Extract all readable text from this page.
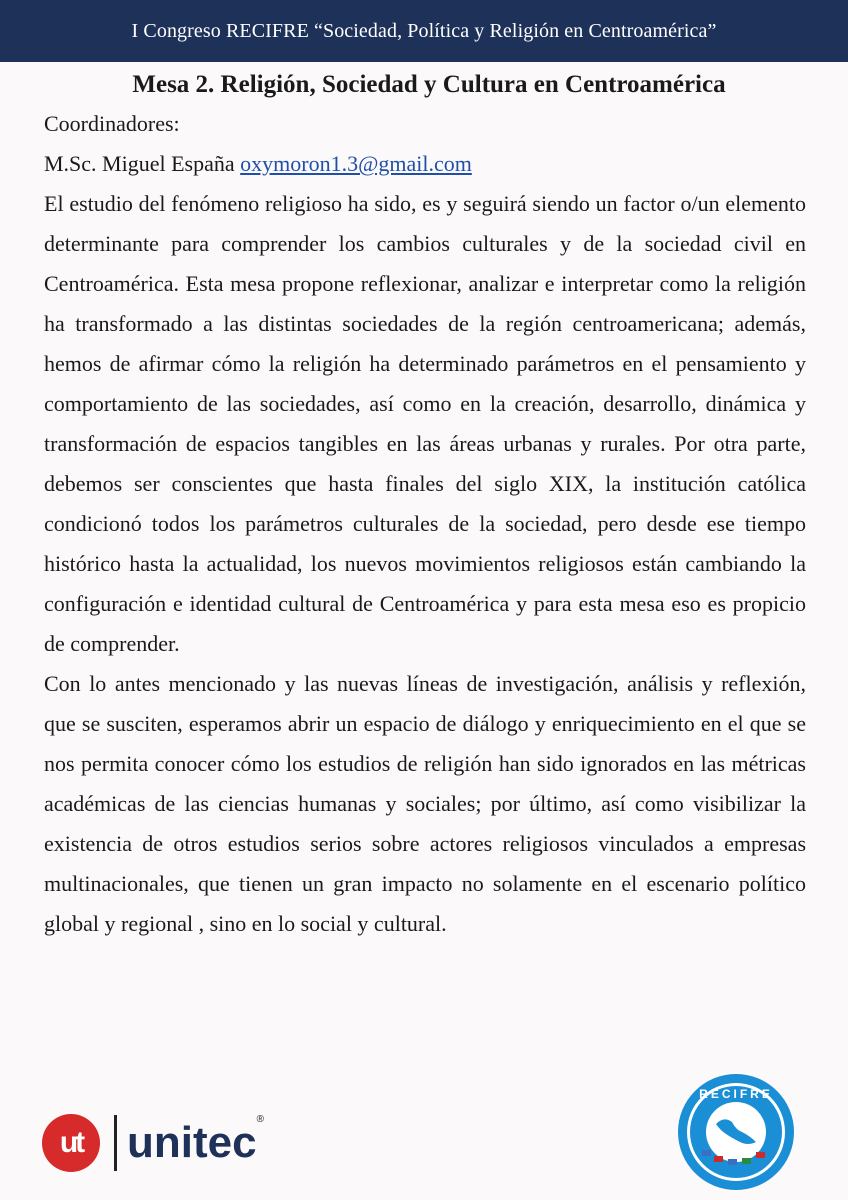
I Congreso RECIFRE “Sociedad, Política y Religión en Centroamérica”

Mesa 2. Religión, Sociedad y Cultura en Centroamérica

Coordinadores:

M.Sc. Miguel España oxymoron1.3@gmail.com

El estudio del fenómeno religioso ha sido, es y seguirá siendo un factor o/un elemento determinante para comprender los cambios culturales y de la sociedad civil en Centroamérica. Esta mesa propone reflexionar, analizar e interpretar como la religión ha transformado a las distintas sociedades de la región centroamericana; además, hemos de afirmar cómo la religión ha determinado parámetros en el pensamiento y comportamiento de las sociedades, así como en la creación, desarrollo, dinámica y transformación de espacios tangibles en las áreas urbanas y rurales. Por otra parte, debemos ser conscientes que hasta finales del siglo XIX, la institución católica condicionó todos los parámetros culturales de la sociedad, pero desde ese tiempo histórico hasta la actualidad, los nuevos movimientos religiosos están cambiando la configuración e identidad cultural de Centroamérica y para esta mesa eso es propicio de comprender.

Con lo antes mencionado y las nuevas líneas de investigación, análisis y reflexión, que se susciten, esperamos abrir un espacio de diálogo y enriquecimiento en el que se nos permita conocer cómo los estudios de religión han sido ignorados en las métricas académicas de las ciencias humanas y sociales; por último, así como visibilizar la existencia de otros estudios serios sobre actores religiosos vinculados a empresas multinacionales, que tienen un gran impacto no solamente en el escenario político global y regional , sino en lo social y cultural.

ut	unitec ®
RECIFRE
